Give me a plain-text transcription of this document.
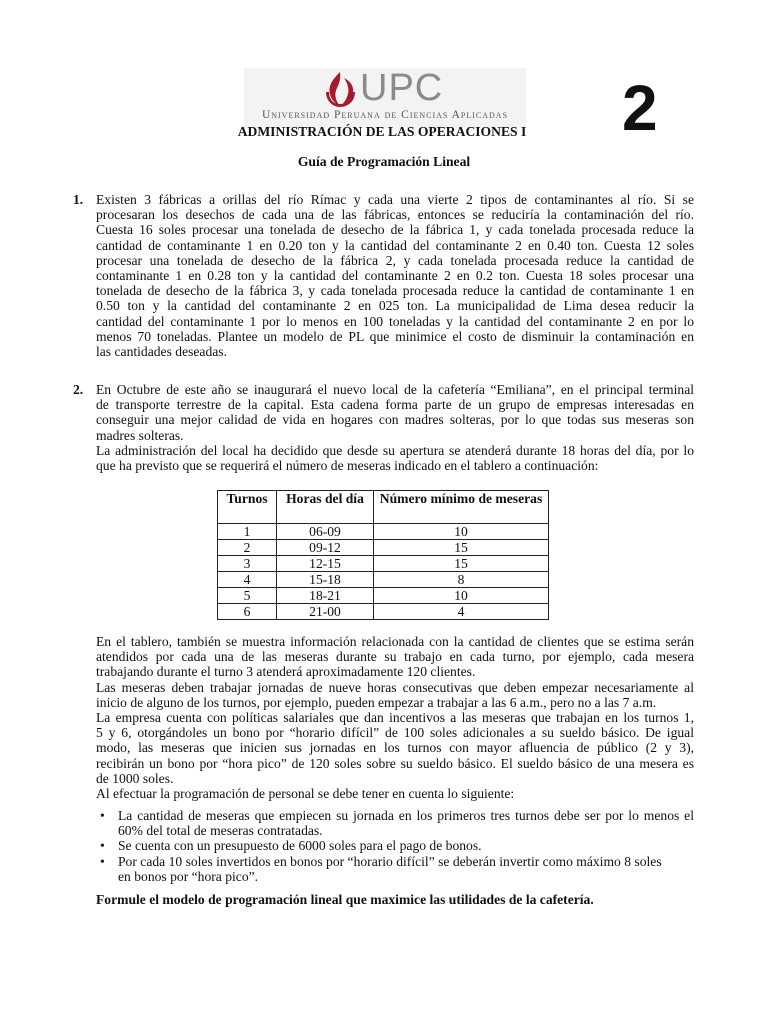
UPC
Universidad Peruana de Ciencias Aplicadas 2
ADMINISTRACIÓN DE LAS OPERACIONES I
Guía de Programación Lineal
1. Existen 3 fábricas a orillas del río Rímac y cada una vierte 2 tipos de contaminantes al río. Si se
procesaran los desechos de cada una de las fábricas, entonces se reduciría la contaminación del río.
Cuesta 16 soles procesar una tonelada de desecho de la fábrica 1, y cada tonelada procesada reduce la
cantidad de contaminante 1 en 0.20 ton y la cantidad del contaminante 2 en 0.40 ton. Cuesta 12 soles
procesar una tonelada de desecho de la fábrica 2, y cada tonelada procesada reduce la cantidad de
contaminante 1 en 0.28 ton y la cantidad del contaminante 2 en 0.2 ton. Cuesta 18 soles procesar una
tonelada de desecho de la fábrica 3, y cada tonelada procesada reduce la cantidad de contaminante 1 en
0.50 ton y la cantidad del contaminante 2 en 025 ton. La municipalidad de Lima desea reducir la
cantidad del contaminante 1 por lo menos en 100 toneladas y la cantidad del contaminante 2 en por lo
menos 70 toneladas. Plantee un modelo de PL que minimice el costo de disminuir la contaminación en
las cantidades deseadas.
2. En Octubre de este año se inaugurará el nuevo local de la cafetería “Emiliana”, en el principal terminal
de transporte terrestre de la capital. Esta cadena forma parte de un grupo de empresas interesadas en
conseguir una mejor calidad de vida en hogares con madres solteras, por lo que todas sus meseras son
madres solteras.
La administración del local ha decidido que desde su apertura se atenderá durante 18 horas del día, por lo
que ha previsto que se requerirá el número de meseras indicado en el tablero a continuación:
Turnos	Horas del día	Número mínimo de meseras
1	06-09	10
2	09-12	15
3	12-15	15
4	15-18	8
5	18-21	10
6	21-00	4
En el tablero, también se muestra información relacionada con la cantidad de clientes que se estima serán
atendidos por cada una de las meseras durante su trabajo en cada turno, por ejemplo, cada mesera
trabajando durante el turno 3 atenderá aproximadamente 120 clientes.
Las meseras deben trabajar jornadas de nueve horas consecutivas que deben empezar necesariamente al
inicio de alguno de los turnos, por ejemplo, pueden empezar a trabajar a las 6 a.m., pero no a las 7 a.m.
La empresa cuenta con políticas salariales que dan incentivos a las meseras que trabajan en los turnos 1,
5 y 6, otorgándoles un bono por “horario difícil” de 100 soles adicionales a su sueldo básico. De igual
modo, las meseras que inicien sus jornadas en los turnos con mayor afluencia de público (2 y 3),
recibirán un bono por “hora pico” de 120 soles sobre su sueldo básico. El sueldo básico de una mesera es
de 1000 soles.
Al efectuar la programación de personal se debe tener en cuenta lo siguiente:
• La cantidad de meseras que empiecen su jornada en los primeros tres turnos debe ser por lo menos el
60% del total de meseras contratadas.
• Se cuenta con un presupuesto de 6000 soles para el pago de bonos.
• Por cada 10 soles invertidos en bonos por “horario difícil” se deberán invertir como máximo 8 soles
en bonos por “hora pico”.
Formule el modelo de programación lineal que maximice las utilidades de la cafetería.
